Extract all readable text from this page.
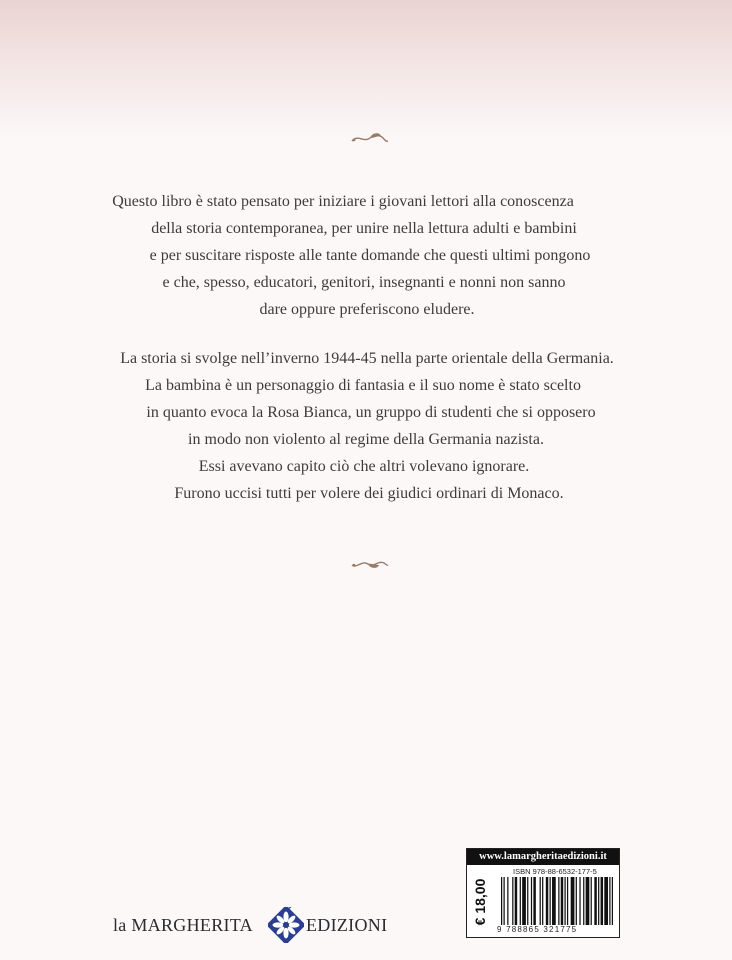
Questo libro è stato pensato per iniziare i giovani lettori alla conoscenza

della storia contemporanea, per unire nella lettura adulti e bambini

e per suscitare risposte alle tante domande che questi ultimi pongono

e che, spesso, educatori, genitori, insegnanti e nonni non sanno

dare oppure preferiscono eludere.

La storia si svolge nell’inverno 1944-45 nella parte orientale della Germania.

La bambina è un personaggio di fantasia e il suo nome è stato scelto

in quanto evoca la Rosa Bianca, un gruppo di studenti che si opposero

in modo non violento al regime della Germania nazista.

Essi avevano capito ciò che altri volevano ignorare.

Furono uccisi tutti per volere dei giudici ordinari di Monaco.

la MARGHERITA	EDIZIONI
www.lamargheritaedizioni.it
€ 18,00
ISBN 978-88-6532-177-5
9 788865 321775
